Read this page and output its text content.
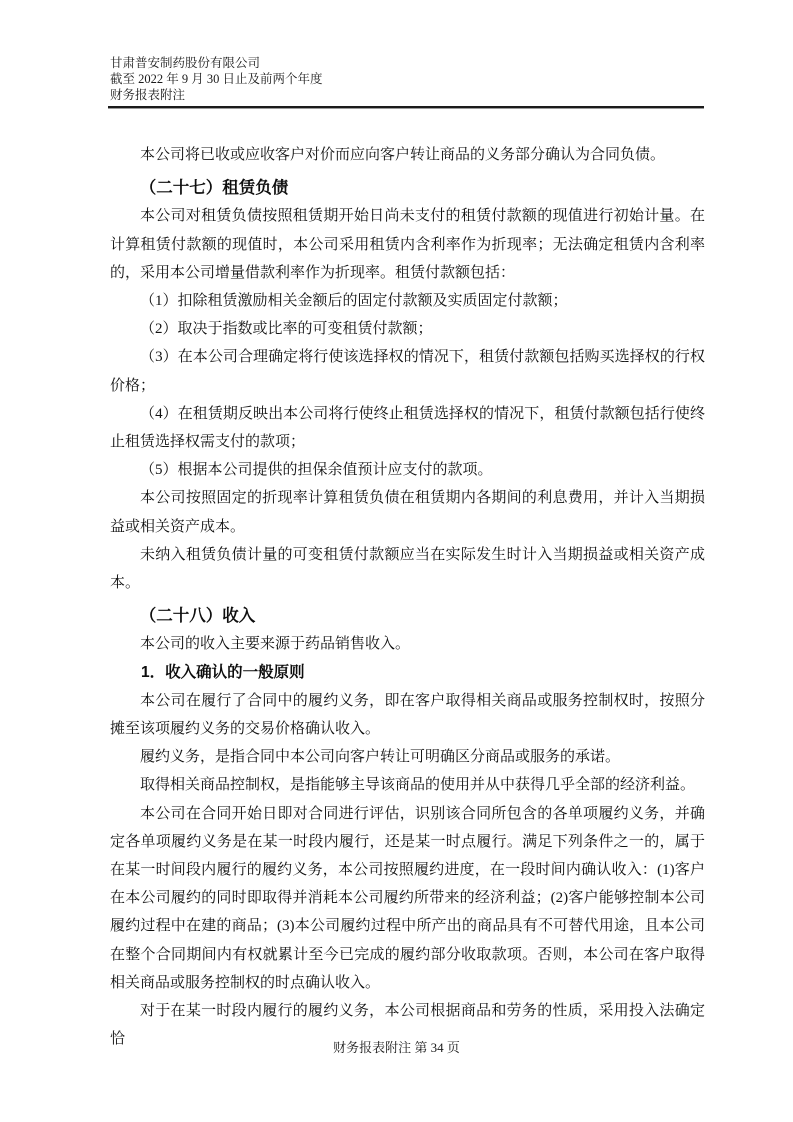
甘肃普安制药股份有限公司
截至 2022 年 9 月 30 日止及前两个年度
财务报表附注

本公司将已收或应收客户对价而应向客户转让商品的义务部分确认为合同负债。

（二十七）租赁负债

本公司对租赁负债按照租赁期开始日尚未支付的租赁付款额的现值进行初始计量。在计算租赁付款额的现值时，本公司采用租赁内含利率作为折现率；无法确定租赁内含利率的，采用本公司增量借款利率作为折现率。租赁付款额包括：

（1）扣除租赁激励相关金额后的固定付款额及实质固定付款额；

（2）取决于指数或比率的可变租赁付款额；

（3）在本公司合理确定将行使该选择权的情况下，租赁付款额包括购买选择权的行权价格；

（4）在租赁期反映出本公司将行使终止租赁选择权的情况下，租赁付款额包括行使终止租赁选择权需支付的款项；

（5）根据本公司提供的担保余值预计应支付的款项。

本公司按照固定的折现率计算租赁负债在租赁期内各期间的利息费用，并计入当期损益或相关资产成本。

未纳入租赁负债计量的可变租赁付款额应当在实际发生时计入当期损益或相关资产成本。

（二十八）收入

本公司的收入主要来源于药品销售收入。

1．收入确认的一般原则

本公司在履行了合同中的履约义务，即在客户取得相关商品或服务控制权时，按照分摊至该项履约义务的交易价格确认收入。

履约义务，是指合同中本公司向客户转让可明确区分商品或服务的承诺。

取得相关商品控制权，是指能够主导该商品的使用并从中获得几乎全部的经济利益。

本公司在合同开始日即对合同进行评估，识别该合同所包含的各单项履约义务，并确定各单项履约义务是在某一时段内履行，还是某一时点履行。满足下列条件之一的，属于在某一时间段内履行的履约义务，本公司按照履约进度，在一段时间内确认收入：(1)客户在本公司履约的同时即取得并消耗本公司履约所带来的经济利益；(2)客户能够控制本公司履约过程中在建的商品；(3)本公司履约过程中所产出的商品具有不可替代用途，且本公司在整个合同期间内有权就累计至今已完成的履约部分收取款项。否则，本公司在客户取得相关商品或服务控制权的时点确认收入。

对于在某一时段内履行的履约义务，本公司根据商品和劳务的性质，采用投入法确定恰

财务报表附注 第 34 页
